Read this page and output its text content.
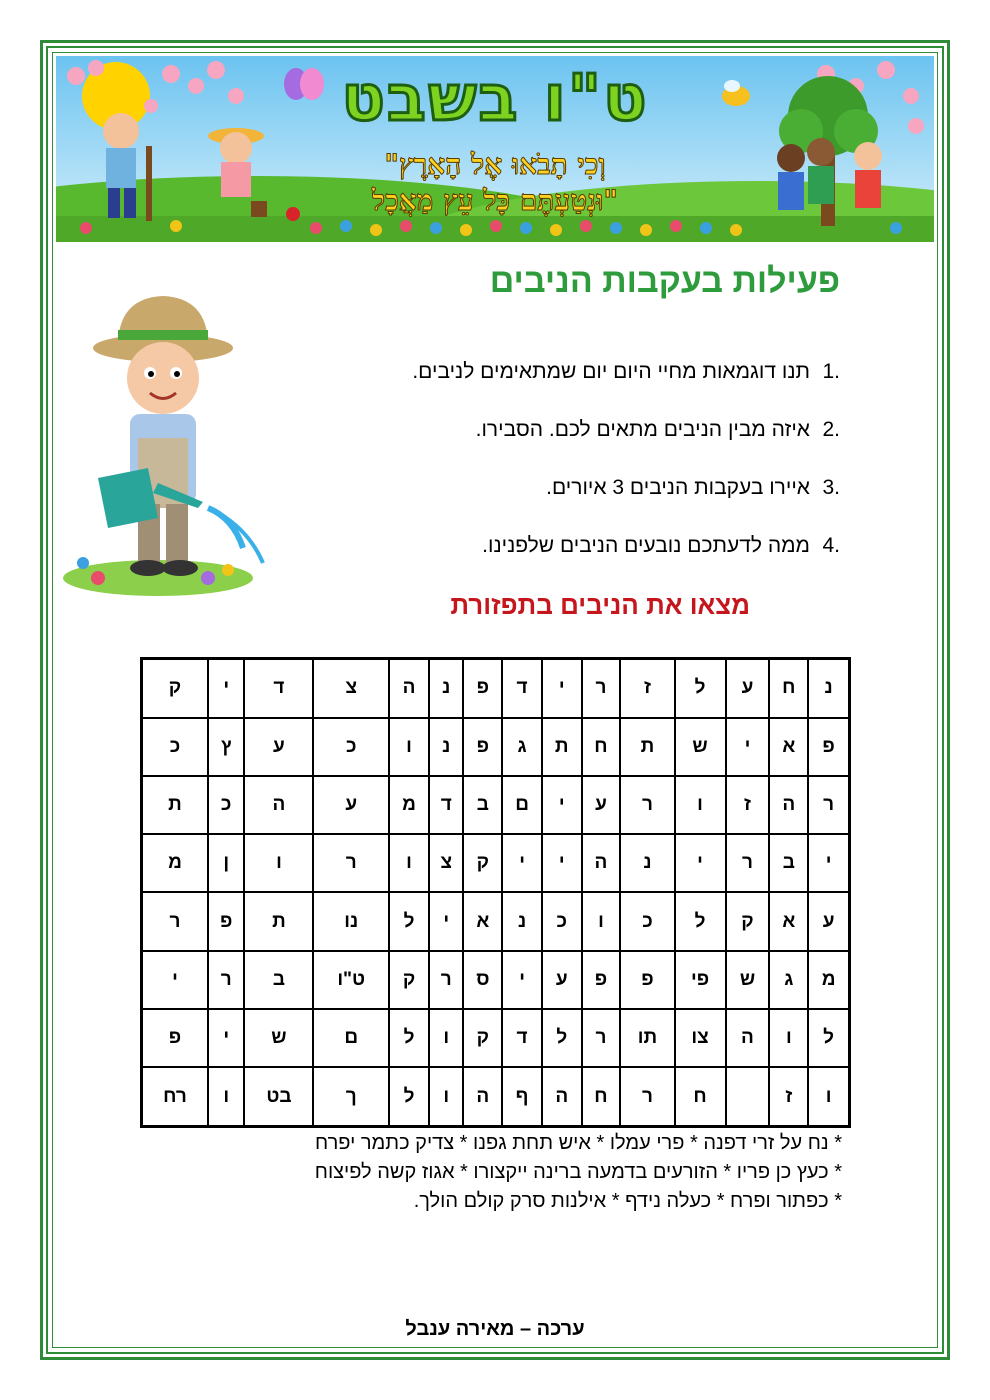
ט"ו בשבט
"וְכִי תָבֹאוּ אֶל הָאָרֶץ
וּנְטַעְתֶּם כָּל עֵץ מַאֲכָל"
פעילות בעקבות הניבים
1.
תנו דוגמאות מחיי היום יום שמתאימים לניבים.
2.
איזה מבין הניבים מתאים לכם. הסבירו.
3.
איירו בעקבות הניבים 3 איורים.
4.
ממה לדעתכם נובעים הניבים שלפנינו.
מצאו את הניבים בתפזורת
נ	ח	ע	ל	ז	ר	י	ד	פ	נ	ה	צ	ד	י	ק
פ	א	י	ש	ת	ח	ת	ג	פ	נ	ו	כ	ע	ץ	כ
ר	ה	ז	ו	ר	ע	י	ם	ב	ד	מ	ע	ה	כ	ת
י	ב	ר	י	נ	ה	י	י	ק	צ	ו	ר	ו	ן	מ
ע	א	ק	ל	כ	ו	כ	נ	א	י	ל	נו	ת	פ	ר
מ	ג	ש	פי	פ	פ	ע	י	ס	ר	ק	ט"ו	ב	ר	י
ל	ו	ה	צו	תו	ר	ל	ד	ק	ו	ל	ם	ש	י	פ
ו	ז		ח	ר	ח	ה	ף	ה	ו	ל	ך	בט	ו	רח
* נח על זרי דפנה * פרי עמלו * איש תחת גפנו * צדיק כתמר יפרח
* כעץ כן פריו * הזורעים בדמעה ברינה ייקצורו * אגוז קשה לפיצוח
* כפתור ופרח * כעלה נידף * אילנות סרק קולם הולך.
ערכה – מאירה ענבל
